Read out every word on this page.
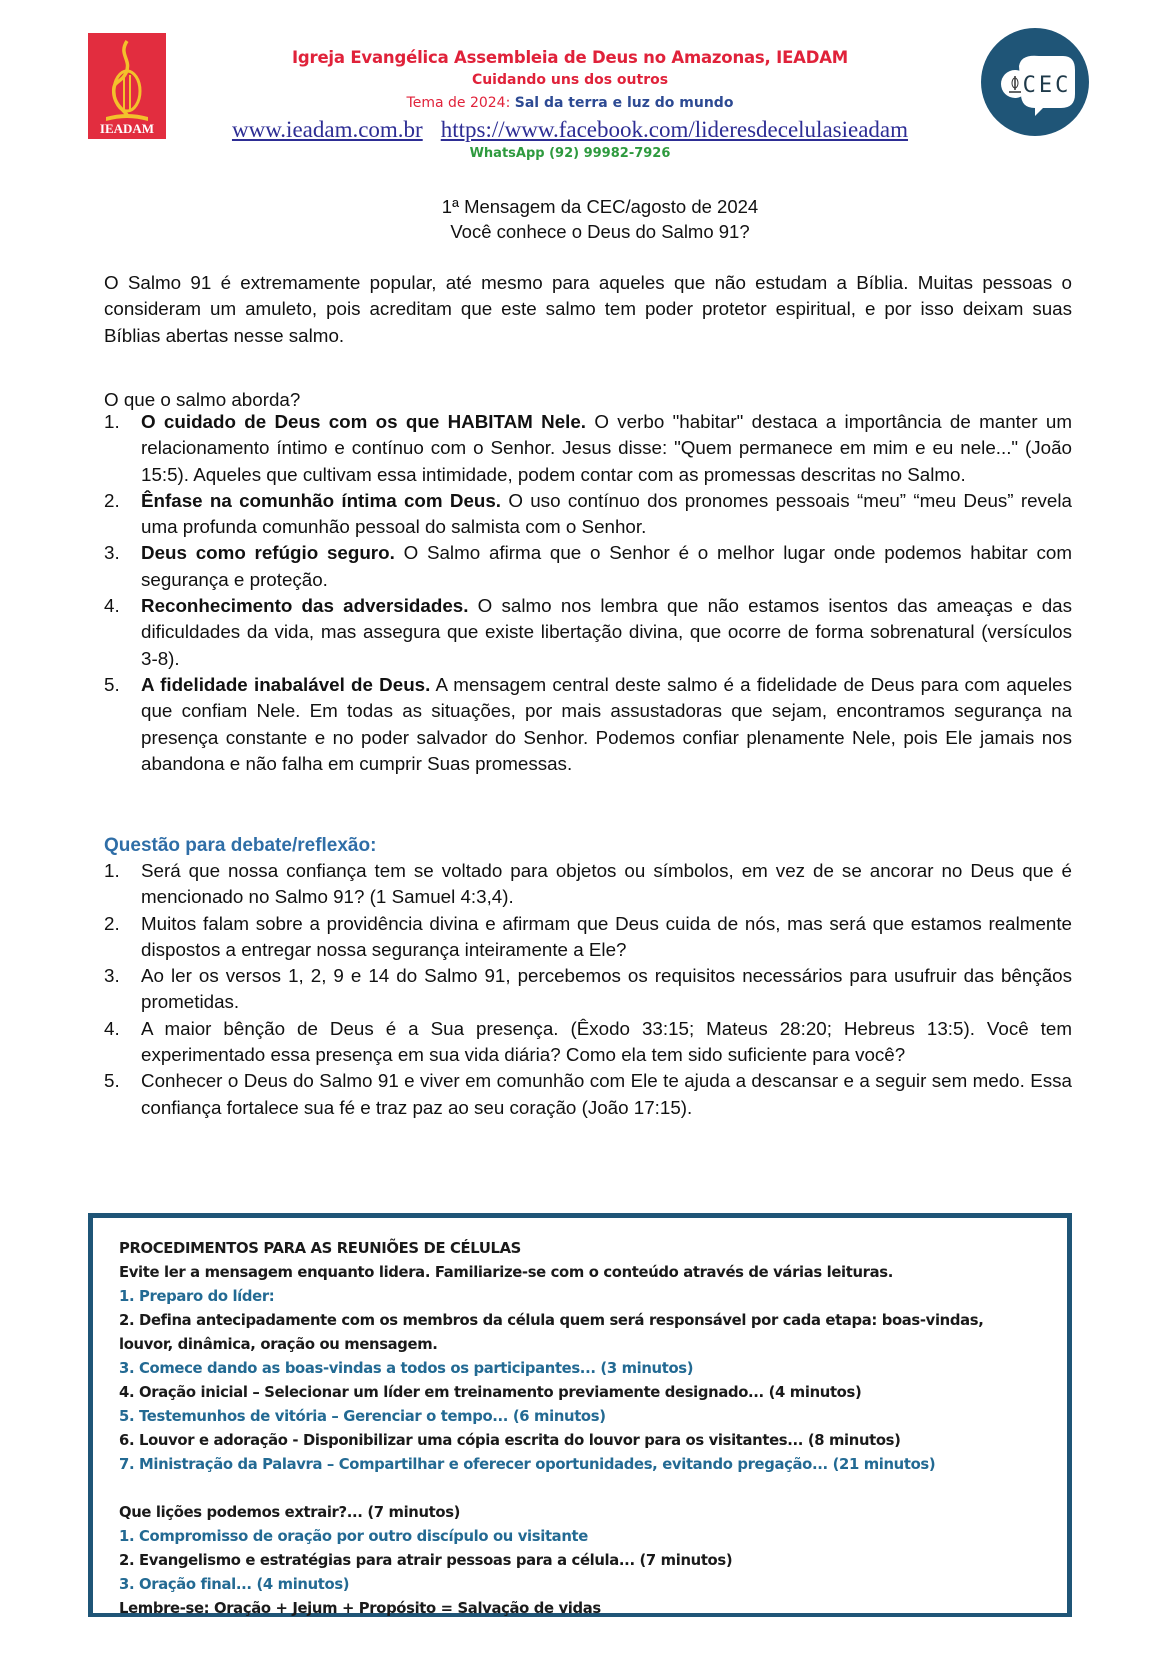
IEADAM
CEC
Igreja Evangélica Assembleia de Deus no Amazonas, IEADAM
Cuidando uns dos outros
Tema de 2024: Sal da terra e luz do mundo
www.ieadam.com.br https://www.facebook.com/lideresdecelulasieadam
WhatsApp (92) 99982-7926
1ª Mensagem da CEC/agosto de 2024
Você conhece o Deus do Salmo 91?
O Salmo 91 é extremamente popular, até mesmo para aqueles que não estudam a Bíblia. Muitas pessoas o consideram um amuleto, pois acreditam que este salmo tem poder protetor espiritual, e por isso deixam suas Bíblias abertas nesse salmo.
O que o salmo aborda?
1.	O cuidado de Deus com os que HABITAM Nele. O verbo "habitar" destaca a importância de manter um relacionamento íntimo e contínuo com o Senhor. Jesus disse: "Quem permanece em mim e eu nele..." (João 15:5). Aqueles que cultivam essa intimidade, podem contar com as promessas descritas no Salmo.
2.	Ênfase na comunhão íntima com Deus. O uso contínuo dos pronomes pessoais “meu” “meu Deus” revela uma profunda comunhão pessoal do salmista com o Senhor.
3.	Deus como refúgio seguro. O Salmo afirma que o Senhor é o melhor lugar onde podemos habitar com segurança e proteção.
4.	Reconhecimento das adversidades. O salmo nos lembra que não estamos isentos das ameaças e das dificuldades da vida, mas assegura que existe libertação divina, que ocorre de forma sobrenatural (versículos 3-8).
5.	A fidelidade inabalável de Deus. A mensagem central deste salmo é a fidelidade de Deus para com aqueles que confiam Nele. Em todas as situações, por mais assustadoras que sejam, encontramos segurança na presença constante e no poder salvador do Senhor. Podemos confiar plenamente Nele, pois Ele jamais nos abandona e não falha em cumprir Suas promessas.
Questão para debate/reflexão:
1.	Será que nossa confiança tem se voltado para objetos ou símbolos, em vez de se ancorar no Deus que é mencionado no Salmo 91? (1 Samuel 4:3,4).
2.	Muitos falam sobre a providência divina e afirmam que Deus cuida de nós, mas será que estamos realmente dispostos a entregar nossa segurança inteiramente a Ele?
3.	Ao ler os versos 1, 2, 9 e 14 do Salmo 91, percebemos os requisitos necessários para usufruir das bênçãos prometidas.
4.	A maior bênção de Deus é a Sua presença. (Êxodo 33:15; Mateus 28:20; Hebreus 13:5). Você tem experimentado essa presença em sua vida diária? Como ela tem sido suficiente para você?
5.	Conhecer o Deus do Salmo 91 e viver em comunhão com Ele te ajuda a descansar e a seguir sem medo. Essa confiança fortalece sua fé e traz paz ao seu coração (João 17:15).
PROCEDIMENTOS PARA AS REUNIÕES DE CÉLULAS
Evite ler a mensagem enquanto lidera. Familiarize-se com o conteúdo através de várias leituras.
1. Preparo do líder:
2. Defina antecipadamente com os membros da célula quem será responsável por cada etapa: boas-vindas,
louvor, dinâmica, oração ou mensagem.
3. Comece dando as boas-vindas a todos os participantes... (3 minutos)
4. Oração inicial – Selecionar um líder em treinamento previamente designado... (4 minutos)
5. Testemunhos de vitória – Gerenciar o tempo... (6 minutos)
6. Louvor e adoração - Disponibilizar uma cópia escrita do louvor para os visitantes... (8 minutos)
7. Ministração da Palavra – Compartilhar e oferecer oportunidades, evitando pregação... (21 minutos)
Que lições podemos extrair?... (7 minutos)
1. Compromisso de oração por outro discípulo ou visitante
2. Evangelismo e estratégias para atrair pessoas para a célula... (7 minutos)
3. Oração final... (4 minutos)
Lembre-se: Oração + Jejum + Propósito = Salvação de vidas
